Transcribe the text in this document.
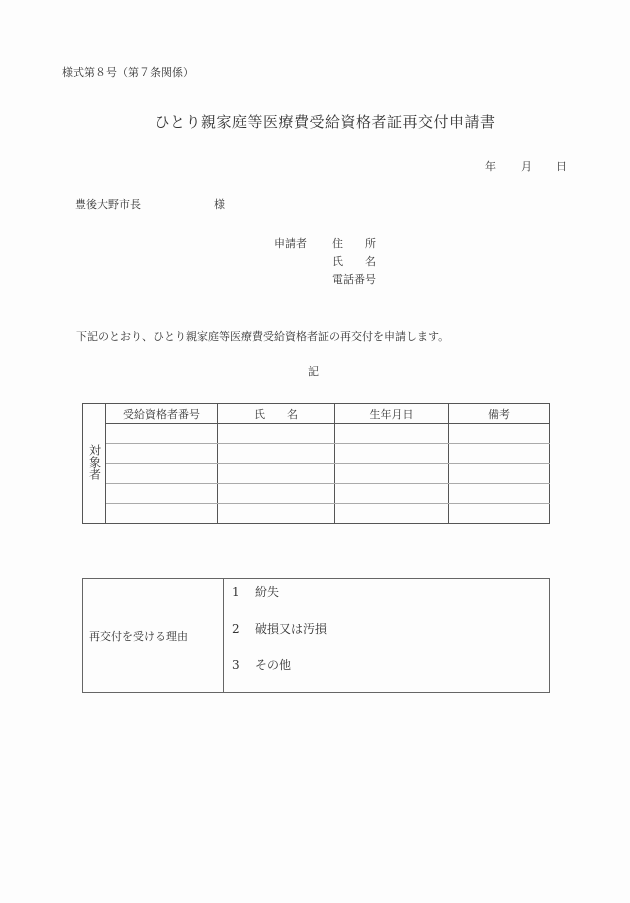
様式第８号（第７条関係）
ひとり親家庭等医療費受給資格者証再交付申請書
年 月 日
豊後大野市長	様
申請者 住　　所
氏　　名
電話番号
下記のとおり、ひとり親家庭等医療費受給資格者証の再交付を申請します。
記
対象者	受給資格者番号	氏　　名	生年月日	備考

再交付を受ける理由	
1 紛失
2 破損又は汚損
3 その他
